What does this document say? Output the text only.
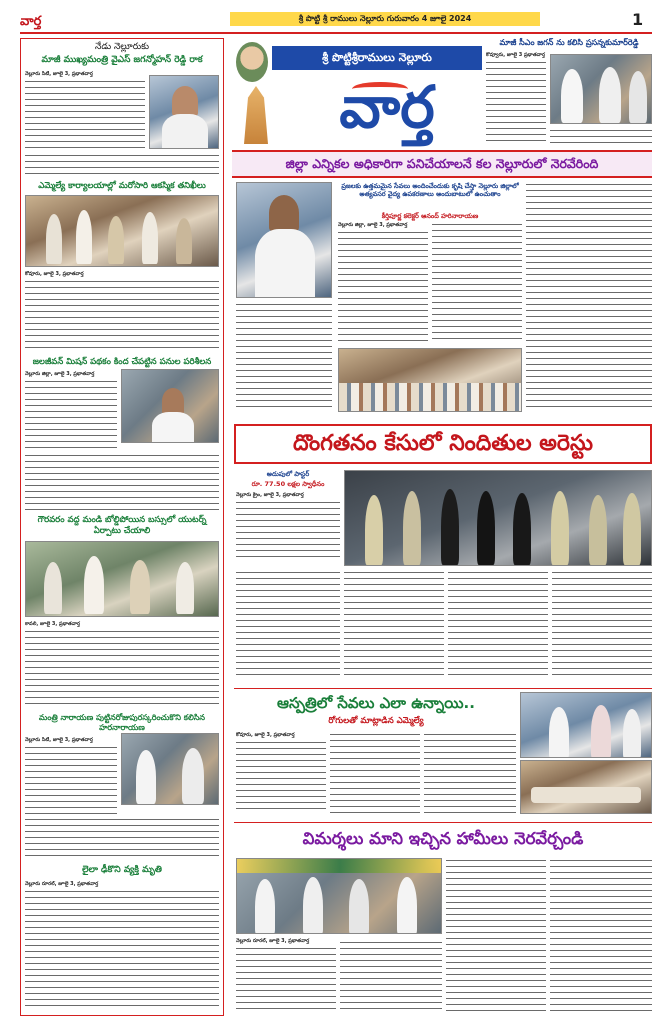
వార్త	శ్రీ పొట్టి శ్రీ రాములు నెల్లూరు గురువారం 4 జూలై 2024	1
నేడు నెల్లూరుకు
మాజీ ముఖ్యమంత్రి వైఎస్ జగన్మోహన్ రెడ్డి రాక
నెల్లూరు సిటీ, జూలై 3, ప్రభాతవార్త
ఎమ్మెల్యే కార్యాలయాల్లో మరోసారి ఆకస్మిక తనిఖీలు
కోవూరు, జూలై 3, ప్రభాతవార్త
జలజీవన్ మిషన్ పథకం కింద చేపట్టిన పనుల పరిశీలన
నెల్లూరు జిల్లా, జూలై 3, ప్రభాతవార్త
గౌరవరం వద్ద మండి బోల్డిపోయిన బస్సులో యుటర్న్ ఏర్పాటు చేయాలి
కావలి, జూలై 3, ప్రభాతవార్త
మంత్రి నారాయణ పుట్టినరోజుపురస్కరించుకొని కలిసిన హరనారాయణ
నెల్లూరు సిటీ, జూలై 3, ప్రభాతవార్త
లైలా ఢీకొని వ్యక్తి మృతి
నెల్లూరు రూరల్, జూలై 3, ప్రభాతవార్త
శ్రీ పొట్టిశ్రీరాములు నెల్లూరు
వార్త
మాజీ సీఎం జగన్ ను కలిసి ప్రసన్నకుమార్‌రెడ్డి
కొవ్వూరు, జూలై 3 ప్రభాతవార్త
జిల్లా ఎన్నికల అధికారిగా పనిచేయాలనే కల నెల్లూరులో నెరవేరింది
ప్రజలకు ఉత్తమమైన సేవలు అందించేందుకు కృషి చేస్తా నెల్లూరు జిల్లాలో అత్యవసర వైద్య ఉపకరణాలు అందుబాటులో ఉంచుతాం
కీర్తిపూర్ణ కలెక్టర్ ఆనంద్ హరినారాయణ
నెల్లూరు జిల్లా, జూలై 3, ప్రభాతవార్త
దొంగతనం కేసులో నిందితుల అరెస్టు
అదుపులో పాస్టర్
రూ. 77.50 లక్షల స్వాధీనం
నెల్లూరు క్రైం, జూలై 3, ప్రభాతవార్త
ఆస్పత్రిలో సేవలు ఎలా ఉన్నాయి..
రోగులతో మాట్లాడిన ఎమ్మెల్యే
కోవూరు, జూలై 3, ప్రభాతవార్త
విమర్శలు మాని ఇచ్చిన హామీలు నెరవేర్చండి
నెల్లూరు రూరల్, జూలై 3, ప్రభాతవార్త
